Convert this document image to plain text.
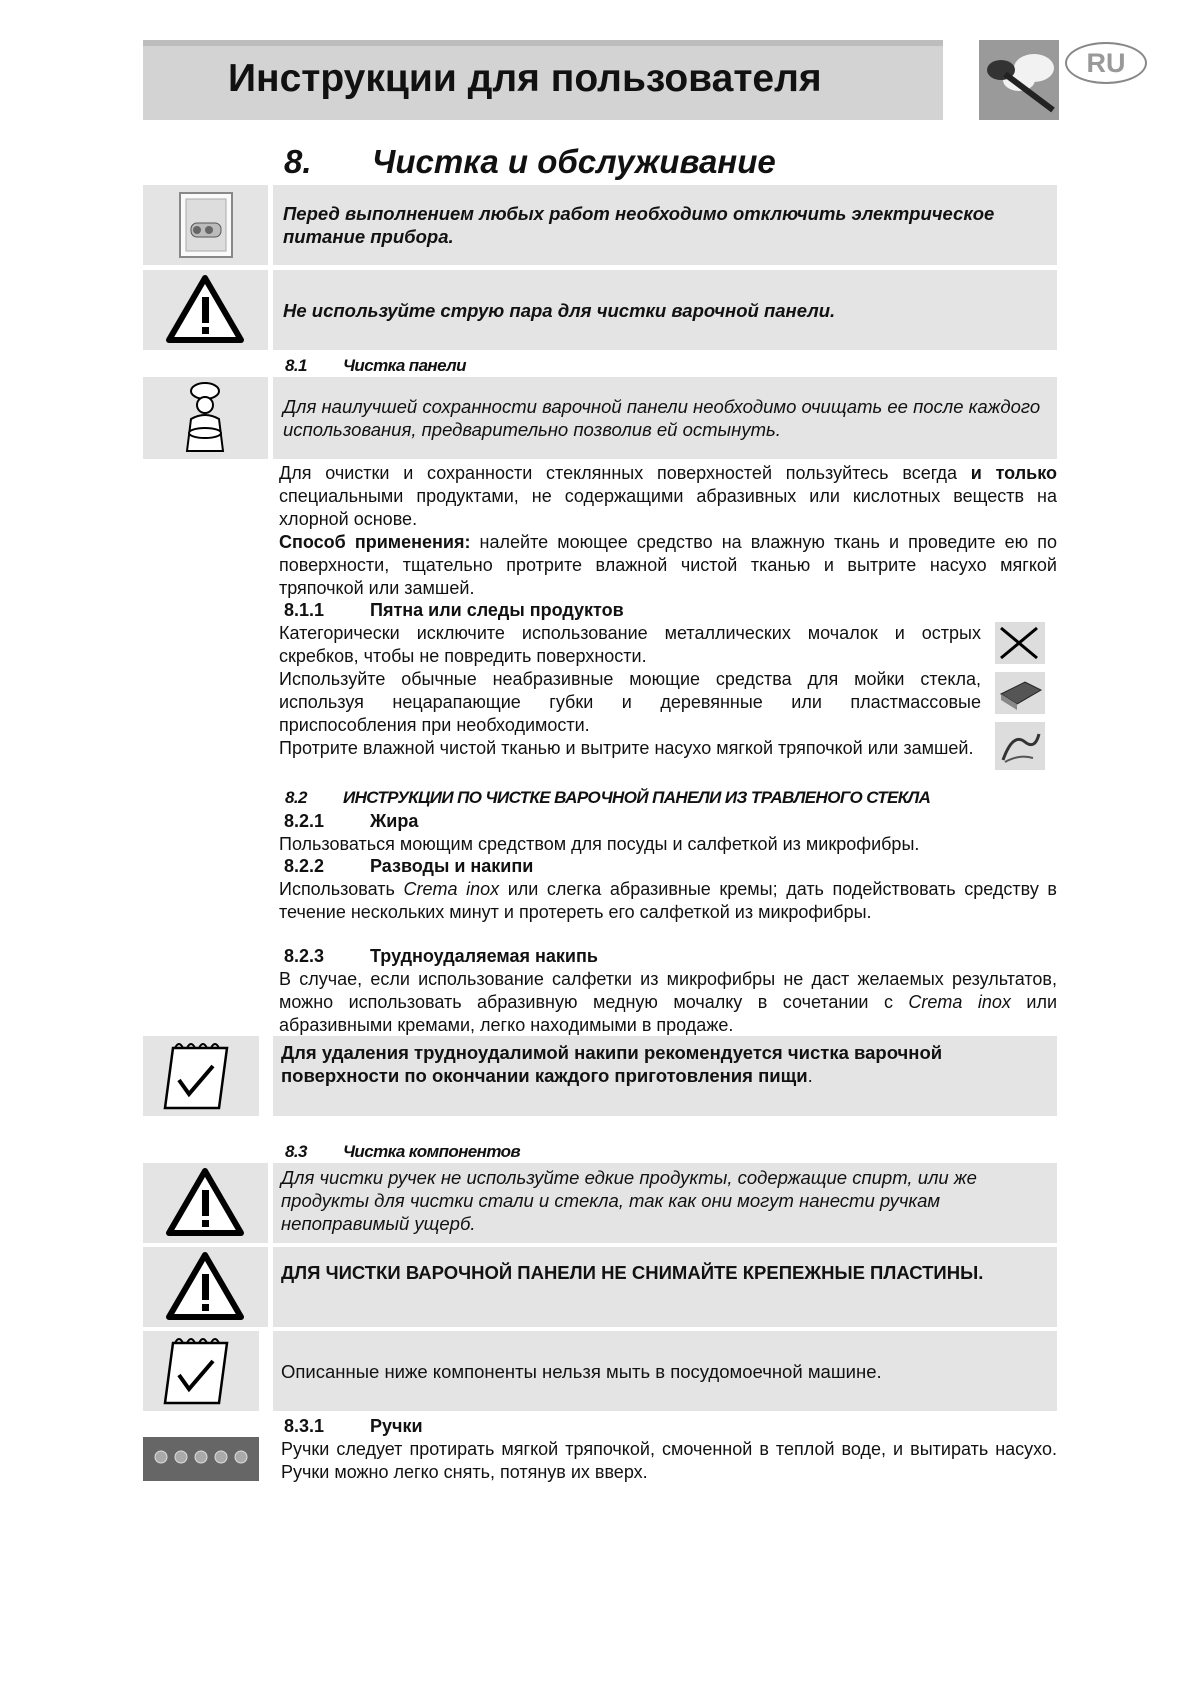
Инструкции для пользователя	RU
8. Чистка и обслуживание
Перед выполнением любых работ необходимо отключить электрическое питание прибора.
Не используйте струю пара для чистки варочной панели.
8.1 Чистка панели
Для наилучшей сохранности варочной панели необходимо очищать ее после каждого использования, предварительно позволив ей остынуть.

Для очистки и сохранности стеклянных поверхностей пользуйтесь всегда и только специальными продуктами, не содержащими абразивных или кислотных веществ на хлорной основе.

Способ применения: налейте моющее средство на влажную ткань и проведите ею по поверхности, тщательно протрите влажной чистой тканью и вытрите насухо мягкой тряпочкой или замшей.

8.1.1	Пятна или следы продуктов

Категорически исключите использование металлических мочалок и острых скребков, чтобы не повредить поверхности.

Используйте обычные неабразивные моющие средства для мойки стекла, используя нецарапающие губки и деревянные или пластмассовые приспособления при необходимости.

Протрите влажной чистой тканью и вытрите насухо мягкой тряпочкой или замшей.

8.2 ИНСТРУКЦИИ ПО ЧИСТКЕ ВАРОЧНОЙ ПАНЕЛИ ИЗ ТРАВЛЕНОГО СТЕКЛА
8.2.1	Жира
Пользоваться моющим средством для посуды и салфеткой из микрофибры.
8.2.2	Разводы и накипи

Использовать Crema inox или слегка абразивные кремы; дать подействовать средству в течение нескольких минут и протереть его салфеткой из микрофибры.

8.2.3	Трудноудаляемая накипь

В случае, если использование салфетки из микрофибры не даст желаемых результатов, можно использовать абразивную медную мочалку в сочетании с Crema inox или абразивными кремами, легко находимыми в продаже.

Для удаления трудноудалимой накипи рекомендуется чистка варочной поверхности по окончании каждого приготовления пищи.
8.3 Чистка компонентов
Для чистки ручек не используйте едкие продукты, содержащие спирт, или же продукты для чистки стали и стекла, так как они могут нанести ручкам непоправимый ущерб.
ДЛЯ ЧИСТКИ ВАРОЧНОЙ ПАНЕЛИ НЕ СНИМАЙТЕ КРЕПЕЖНЫЕ ПЛАСТИНЫ.
Описанные ниже компоненты нельзя мыть в посудомоечной машине.
8.3.1	Ручки
Ручки следует протирать мягкой тряпочкой, смоченной в теплой воде, и вытирать насухо. Ручки можно легко снять, потянув их вверх.
